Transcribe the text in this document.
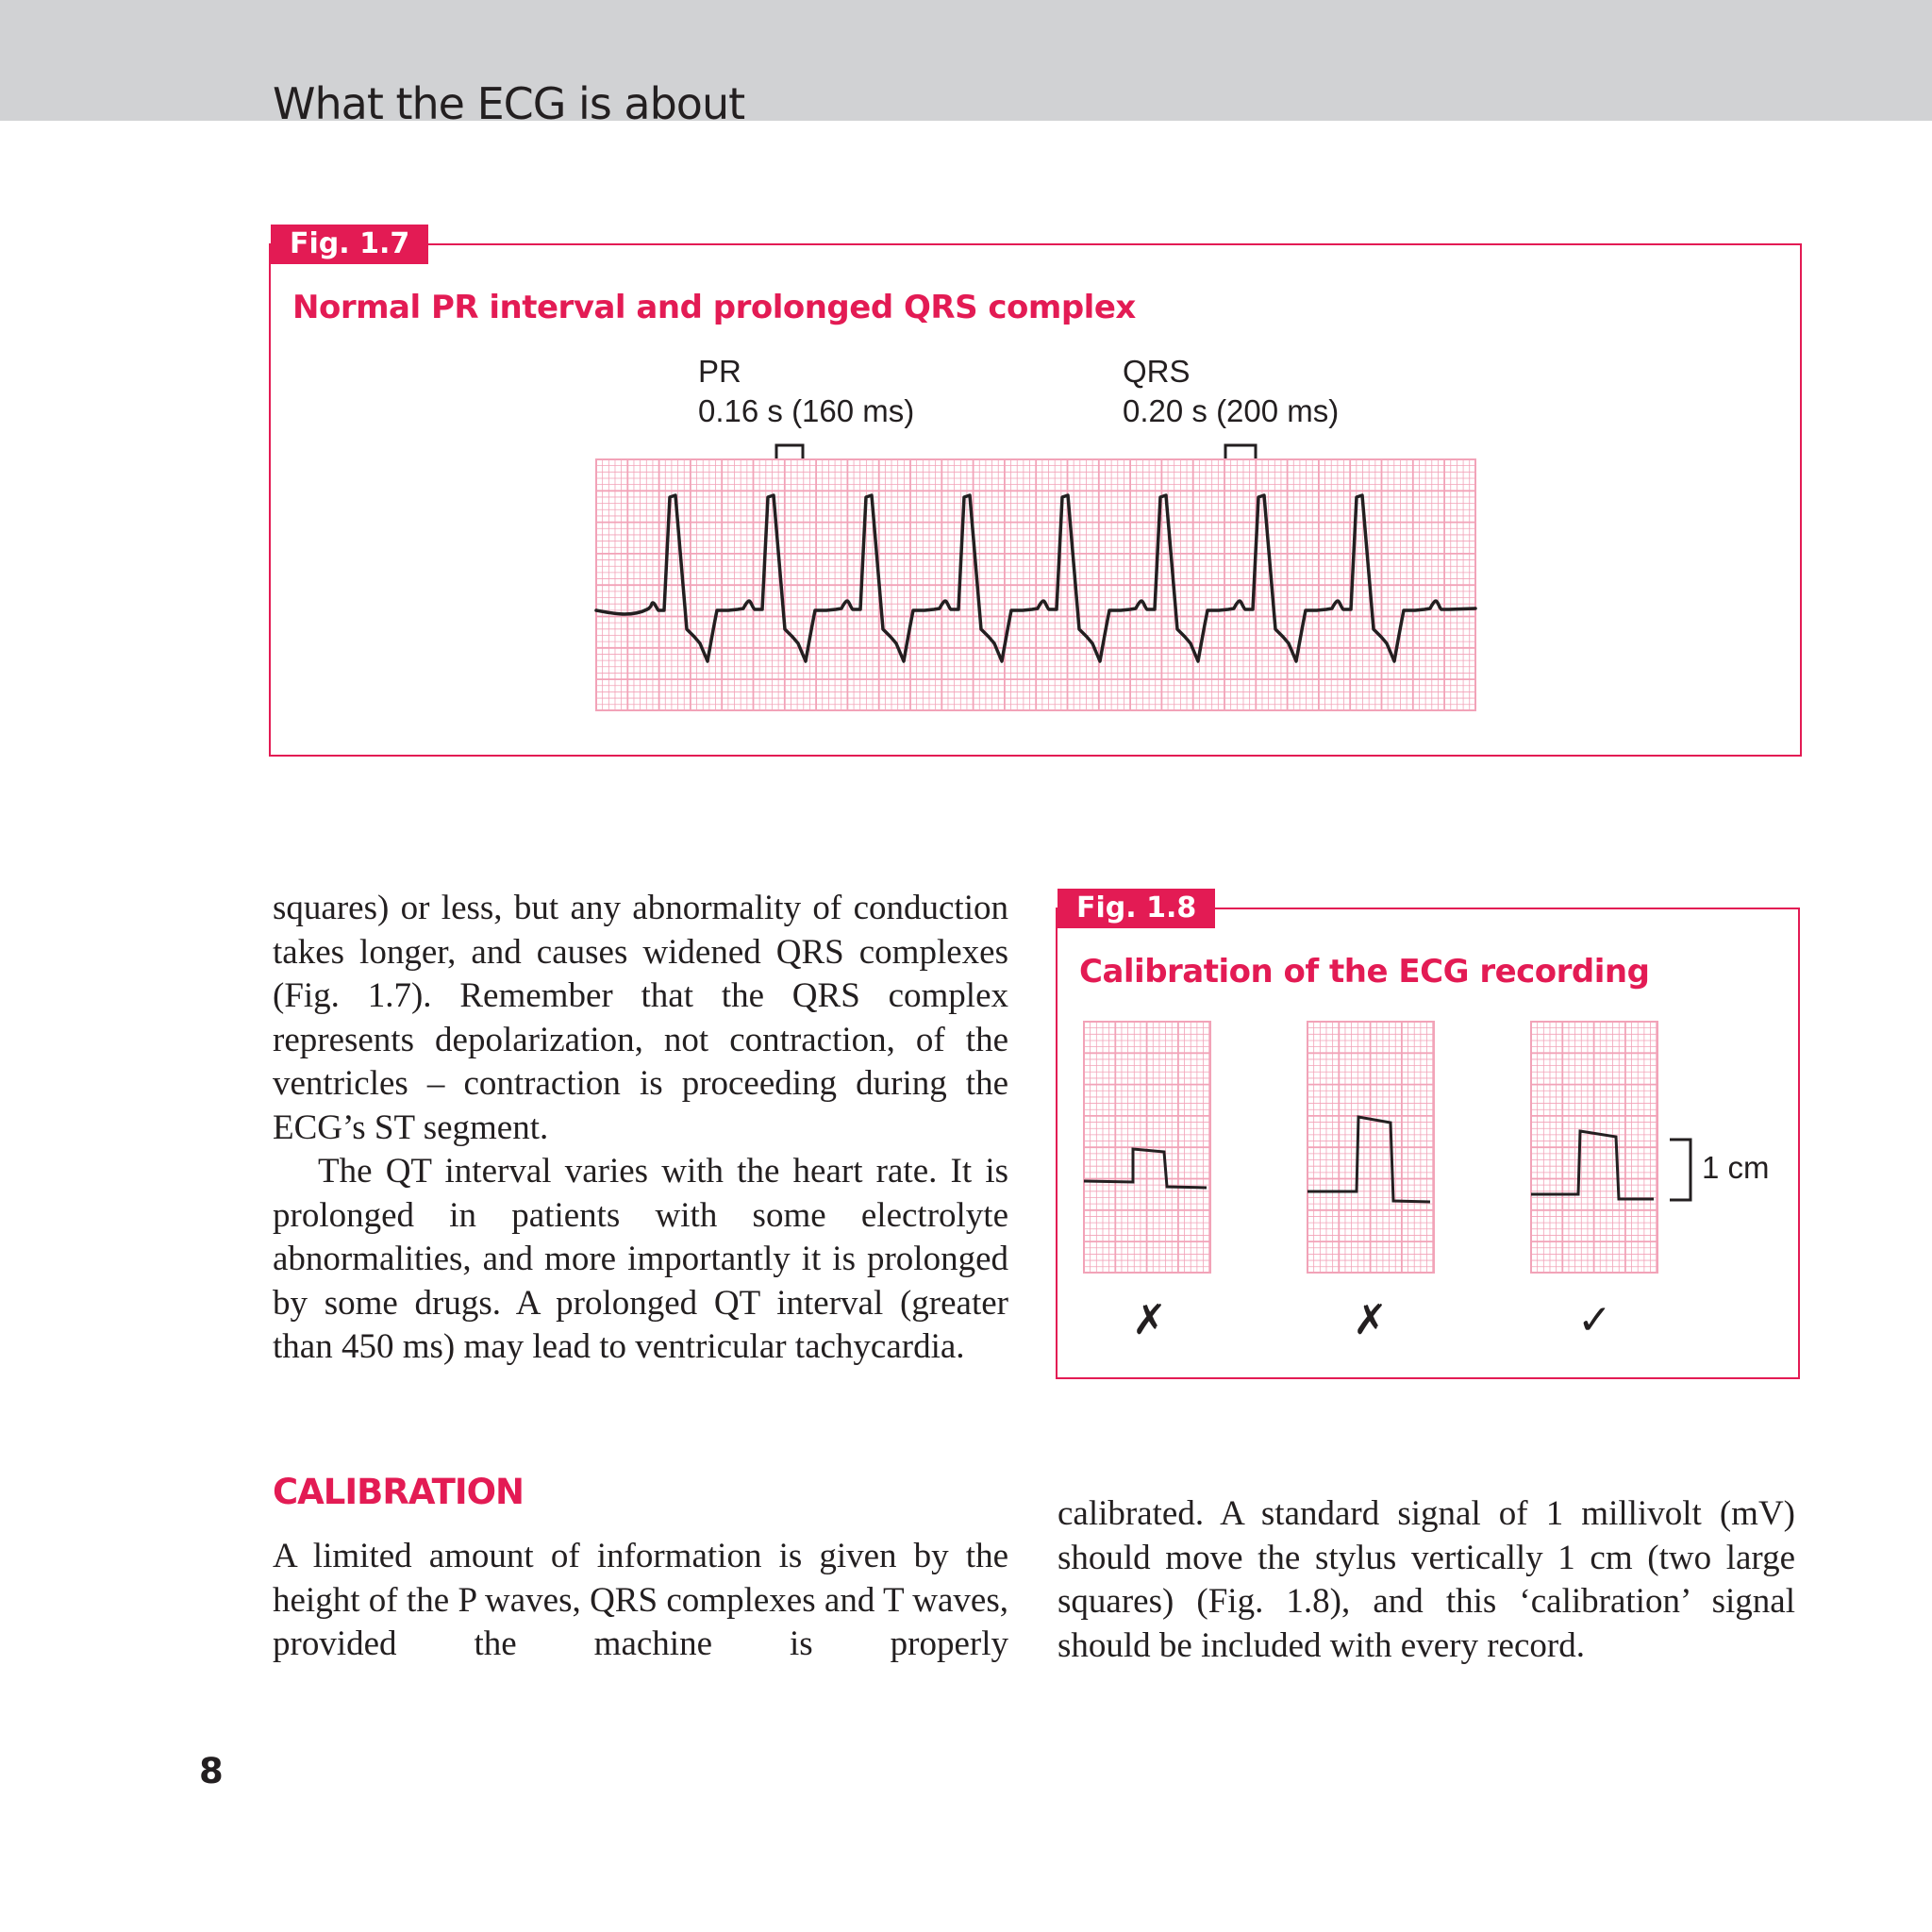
What the ECG is about
Fig. 1.7
Normal PR interval and prolonged QRS complex
PR
0.16 s (160 ms)
QRS
0.20 s (200 ms)
Fig. 1.8
Calibration of the ECG recording
1 cm
✗	✗	✓

squares) or less, but any abnormality of conduction takes longer, and causes widened QRS complexes (Fig. 1.7). Remember that the QRS complex represents depolarization, not contraction, of the ventricles – contraction is proceeding during the ECG’s ST segment.

The QT interval varies with the heart rate. It is prolonged in patients with some electrolyte abnormalities, and more importantly it is prolonged by some drugs. A prolonged QT interval (greater than 450 ms) may lead to ventricular tachycardia.

CALIBRATION
A limited amount of information is given by the height of the P waves, QRS complexes and T waves, provided the machine is properly
calibrated. A standard signal of 1 millivolt (mV) should move the stylus vertically 1 cm (two large squares) (Fig. 1.8), and this ‘calibration’ signal should be included with every record.
8
